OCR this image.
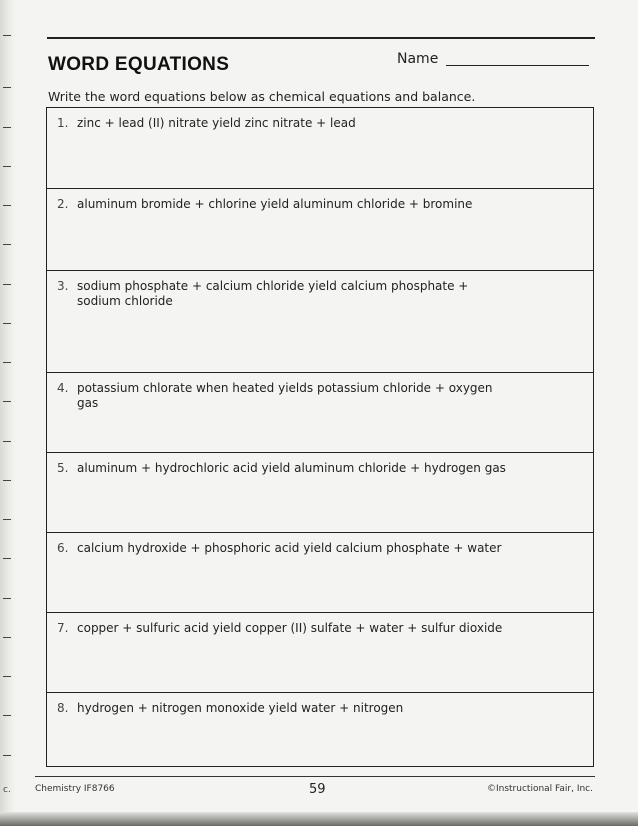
c.
WORD EQUATIONS	Name

Write the word equations below as chemical equations and balance.

1. zinc + lead (II) nitrate yield zinc nitrate + lead
2. aluminum bromide + chlorine yield aluminum chloride + bromine
3. sodium phosphate + calcium chloride yield calcium phosphate + sodium chloride
4. potassium chlorate when heated yields potassium chloride + oxygen gas
5. aluminum + hydrochloric acid yield aluminum chloride + hydrogen gas
6. calcium hydroxide + phosphoric acid yield calcium phosphate + water
7. copper + sulfuric acid yield copper (II) sulfate + water + sulfur dioxide
8. hydrogen + nitrogen monoxide yield water + nitrogen
Chemistry IF8766	59	©Instructional Fair, Inc.
